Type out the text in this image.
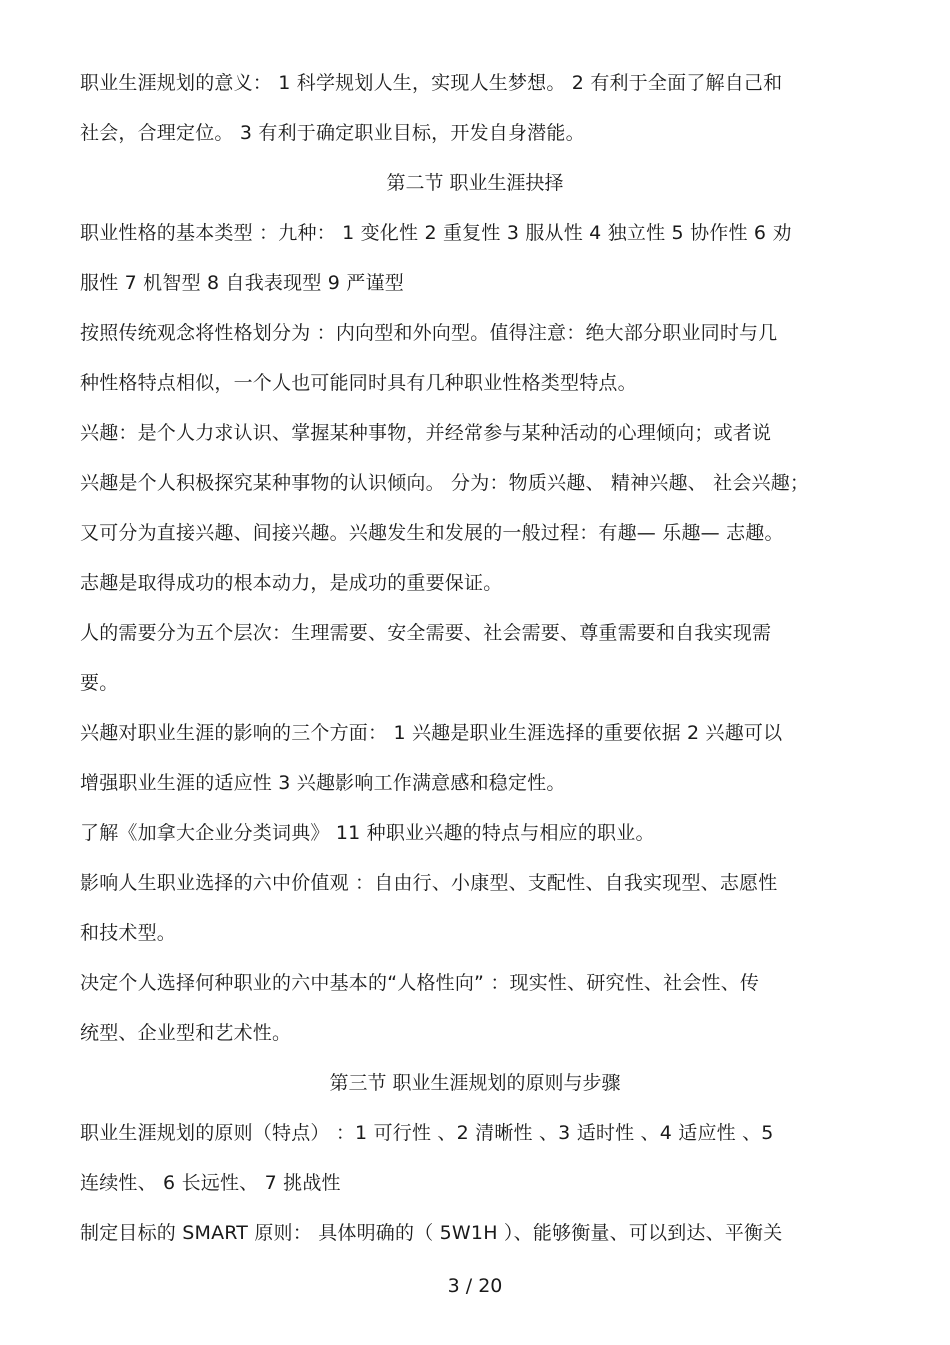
职业生涯规划的意义： 1 科学规划人生，实现人生梦想。 2 有利于全面了解自己和
社会，合理定位。 3 有利于确定职业目标，开发自身潜能。
第二节 职业生涯抉择
职业性格的基本类型 ：九种： 1 变化性 2 重复性 3 服从性 4 独立性 5 协作性 6 劝
服性 7 机智型 8 自我表现型 9 严谨型
按照传统观念将性格划分为 ：内向型和外向型。值得注意：绝大部分职业同时与几
种性格特点相似，一个人也可能同时具有几种职业性格类型特点。
兴趣：是个人力求认识、掌握某种事物，并经常参与某种活动的心理倾向；或者说
兴趣是个人积极探究某种事物的认识倾向。 分为：物质兴趣、 精神兴趣、 社会兴趣；
又可分为直接兴趣、间接兴趣。兴趣发生和发展的一般过程：有趣— 乐趣— 志趣。
志趣是取得成功的根本动力，是成功的重要保证。
人的需要分为五个层次：生理需要、安全需要、社会需要、尊重需要和自我实现需
要。
兴趣对职业生涯的影响的三个方面： 1 兴趣是职业生涯选择的重要依据 2 兴趣可以
增强职业生涯的适应性 3 兴趣影响工作满意感和稳定性。
了解《加拿大企业分类词典》 11 种职业兴趣的特点与相应的职业。
影响人生职业选择的六中价值观 ：自由行、小康型、支配性、自我实现型、志愿性
和技术型。
决定个人选择何种职业的六中基本的“人格性向” ：现实性、研究性、社会性、传
统型、企业型和艺术性。
第三节 职业生涯规划的原则与步骤
职业生涯规划的原则（特点） ：1 可行性 、2 清晰性 、3 适时性 、4 适应性 、5
连续性、 6 长远性、 7 挑战性
制定目标的 SMART 原则： 具体明确的（ 5W1H ）、能够衡量、可以到达、平衡关
3 / 20
